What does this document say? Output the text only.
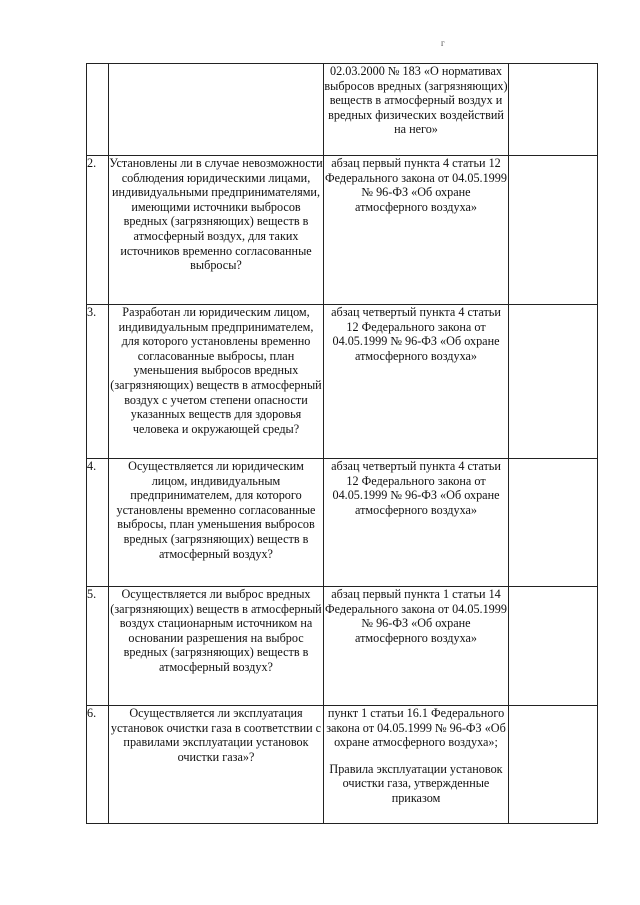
г

		02.03.2000 № 183 «О нормативах выбросов вредных (загрязняющих) веществ в атмосферный воздух и вредных физических воздействий на него»	

2.	Установлены ли в случае невозможности соблюдения юридическими лицами, индивидуальными предпринимателями, имеющими источники выбросов вредных (загрязняющих) веществ в атмосферный воздух, для таких источников временно согласованные выбросы?	абзац первый пункта 4 статьи 12 Федерального закона от 04.05.1999 № 96-ФЗ «Об охране атмосферного воздуха»	

3.	Разработан ли юридическим лицом, индивидуальным предпринимателем, для которого установлены временно согласованные выбросы, план уменьшения выбросов вредных (загрязняющих) веществ в атмосферный воздух с учетом степени опасности указанных веществ для здоровья человека и окружающей среды?	абзац четвертый пункта 4 статьи 12 Федерального закона от 04.05.1999 № 96-ФЗ «Об охране атмосферного воздуха»	

4.	Осуществляется ли юридическим лицом, индивидуальным предпринимателем, для которого установлены временно согласованные выбросы, план уменьшения выбросов вредных (загрязняющих) веществ в атмосферный воздух?	абзац четвертый пункта 4 статьи 12 Федерального закона от 04.05.1999 № 96-ФЗ «Об охране атмосферного воздуха»	

5.	Осуществляется ли выброс вредных (загрязняющих) веществ в атмосферный воздух стационарным источником на основании разрешения на выброс вредных (загрязняющих) веществ в атмосферный воздух?	абзац первый пункта 1 статьи 14 Федерального закона от 04.05.1999 № 96-ФЗ «Об охране атмосферного воздуха»	

6.	Осуществляется ли эксплуатация установок очистки газа в соответствии с правилами эксплуатации установок очистки газа»?	пункт 1 статьи 16.1 Федерального закона от 04.05.1999 № 96-ФЗ «Об охране атмосферного воздуха»;

Правила эксплуатации установок очистки газа, утвержденные приказом	
